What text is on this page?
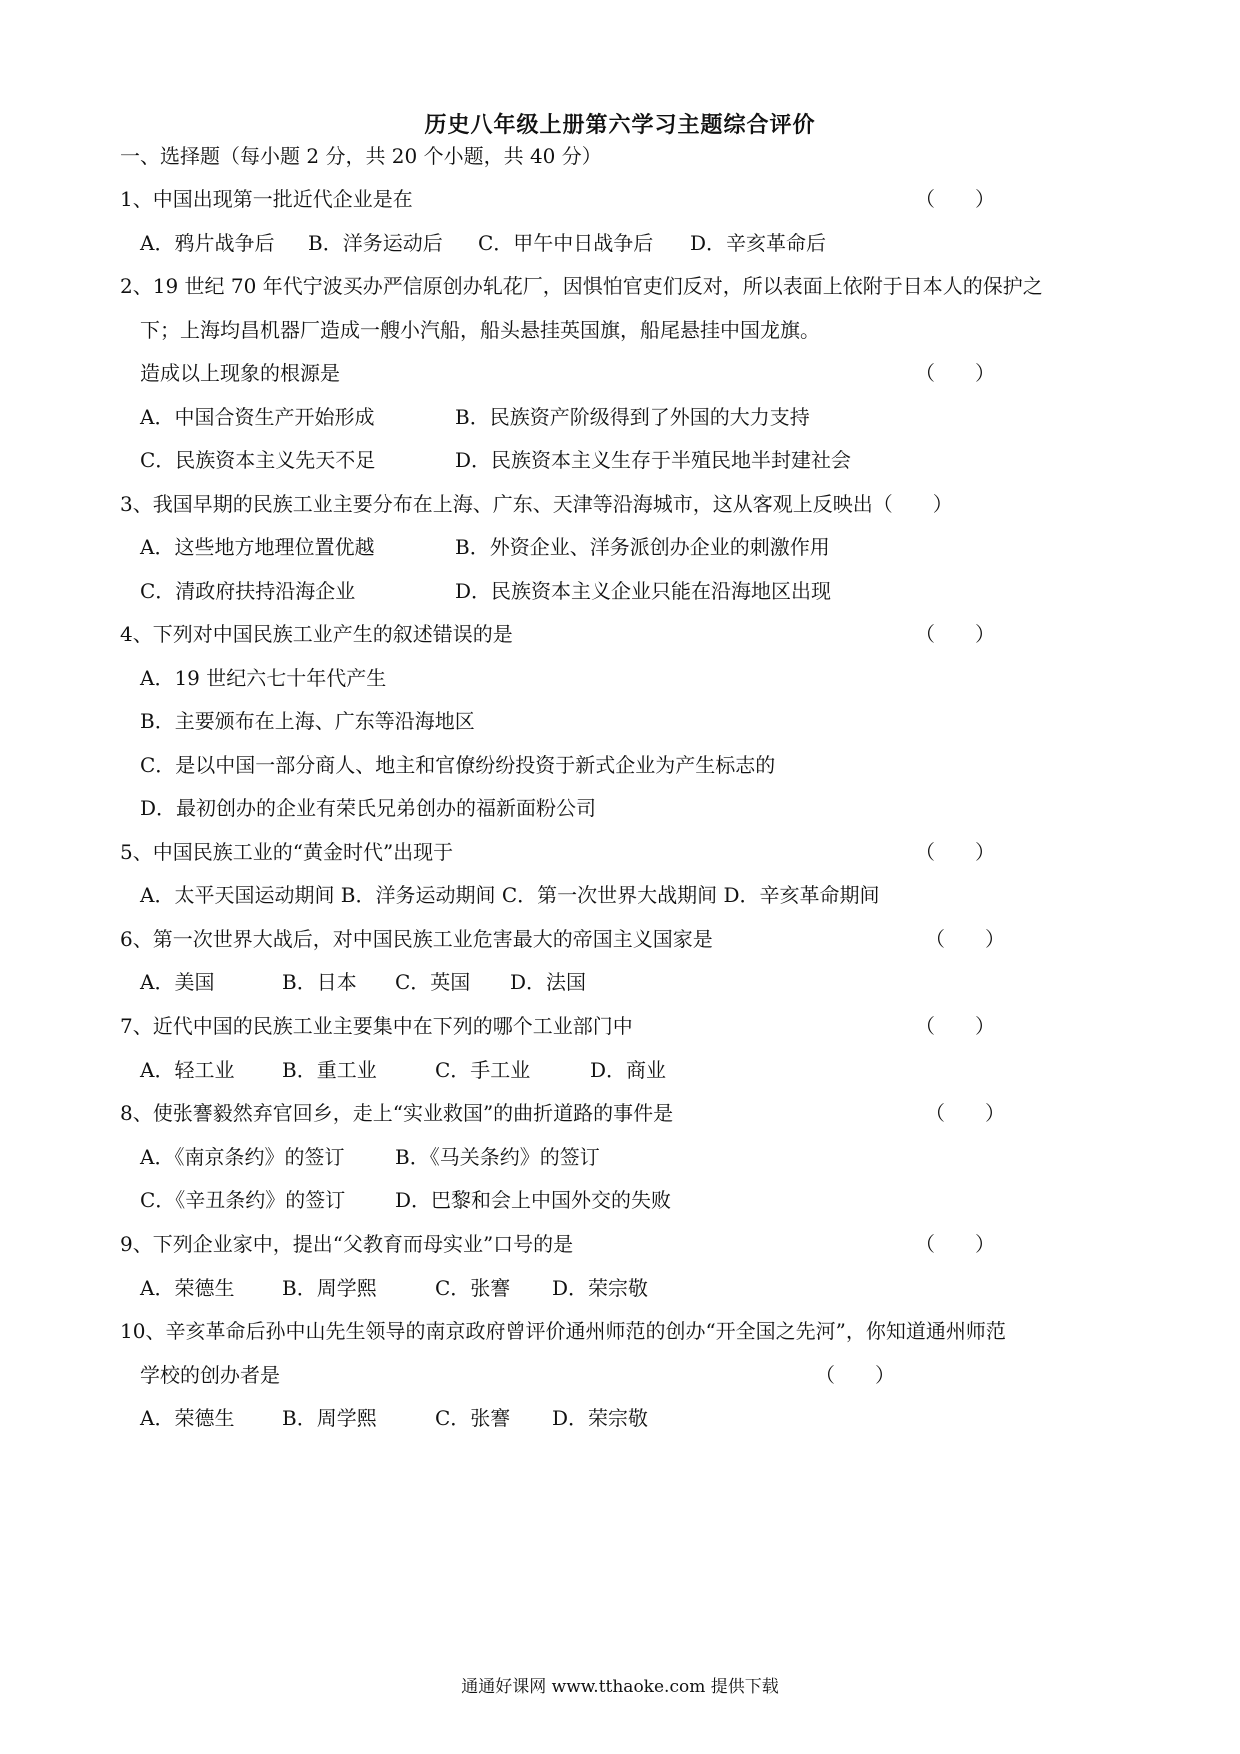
历史八年级上册第六学习主题综合评价
一、选择题（每小题 2 分，共 20 个小题，共 40 分）
1、中国出现第一批近代企业是在	（　　）
A．鸦片战争后 B．洋务运动后 C．甲午中日战争后 D．辛亥革命后
2、19 世纪 70 年代宁波买办严信原创办轧花厂，因惧怕官吏们反对，所以表面上依附于日本人的保护之
下；上海均昌机器厂造成一艘小汽船，船头悬挂英国旗，船尾悬挂中国龙旗。
造成以上现象的根源是	（　　）
A．中国合资生产开始形成	B．民族资产阶级得到了外国的大力支持
C．民族资本主义先天不足	D．民族资本主义生存于半殖民地半封建社会
3、我国早期的民族工业主要分布在上海、广东、天津等沿海城市，这从客观上反映出（　　）
A．这些地方地理位置优越	B．外资企业、洋务派创办企业的刺激作用
C．清政府扶持沿海企业	D．民族资本主义企业只能在沿海地区出现
4、下列对中国民族工业产生的叙述错误的是	（　　）
A．19 世纪六七十年代产生
B．主要颁布在上海、广东等沿海地区
C．是以中国一部分商人、地主和官僚纷纷投资于新式企业为产生标志的
D．最初创办的企业有荣氏兄弟创办的福新面粉公司
5、中国民族工业的“黄金时代”出现于	（　　）
A．太平天国运动期间 B．洋务运动期间 C．第一次世界大战期间 D．辛亥革命期间
6、第一次世界大战后，对中国民族工业危害最大的帝国主义国家是	（　　）
A．美国	B．日本 C．英国 D．法国
7、近代中国的民族工业主要集中在下列的哪个工业部门中	（　　）
A．轻工业 B．重工业	C．手工业	D．商业
8、使张謇毅然弃官回乡，走上“实业救国”的曲折道路的事件是	（　　）
A．《南京条约》的签订	B．《马关条约》的签订
C．《辛丑条约》的签订 D．巴黎和会上中国外交的失败
9、下列企业家中，提出“父教育而母实业”口号的是	（　　）
A．荣德生 B．周学熙	C．张謇 D．荣宗敬
10、辛亥革命后孙中山先生领导的南京政府曾评价通州师范的创办“开全国之先河”，你知道通州师范
学校的创办者是	（　　）
A．荣德生 B．周学熙	C．张謇 D．荣宗敬
通通好课网 www.tthaoke.com 提供下载
